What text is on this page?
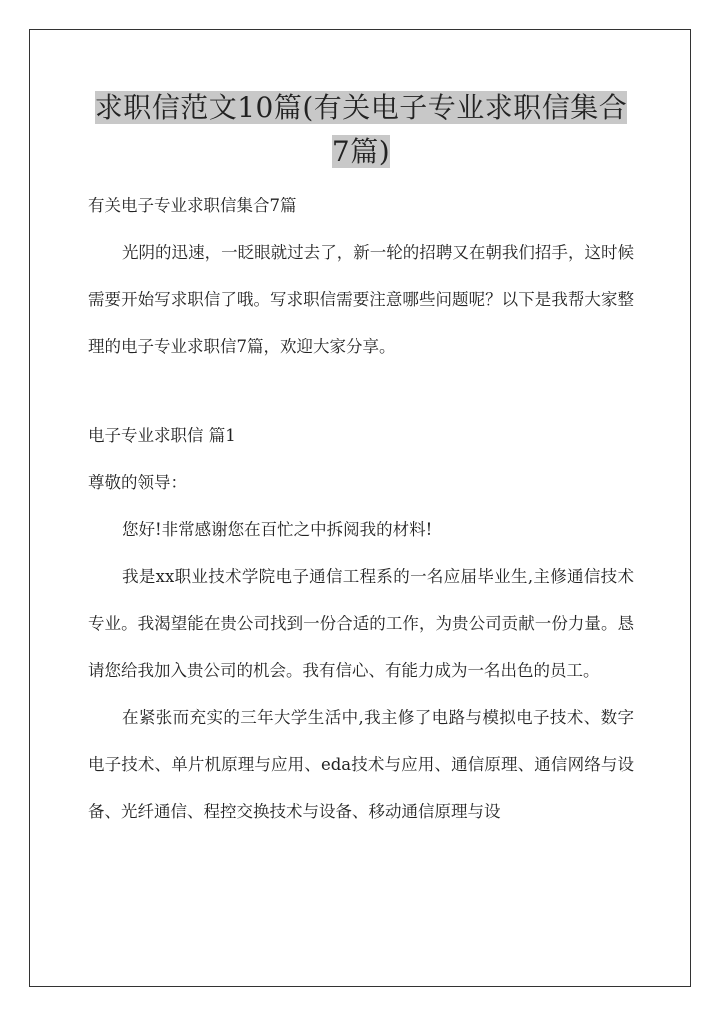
求职信范文10篇(有关电子专业求职信集合7篇)

有关电子专业求职信集合7篇

光阴的迅速，一眨眼就过去了，新一轮的招聘又在朝我们招手，这时候需要开始写求职信了哦。写求职信需要注意哪些问题呢？以下是我帮大家整理的电子专业求职信7篇，欢迎大家分享。

电子专业求职信 篇1

尊敬的领导：

您好!非常感谢您在百忙之中拆阅我的材料!

我是xx职业技术学院电子通信工程系的一名应届毕业生,主修通信技术专业。我渴望能在贵公司找到一份合适的工作，为贵公司贡献一份力量。恳请您给我加入贵公司的机会。我有信心、有能力成为一名出色的员工。

在紧张而充实的三年大学生活中,我主修了电路与模拟电子技术、数字电子技术、单片机原理与应用、eda技术与应用、通信原理、通信网络与设备、光纤通信、程控交换技术与设备、移动通信原理与设
